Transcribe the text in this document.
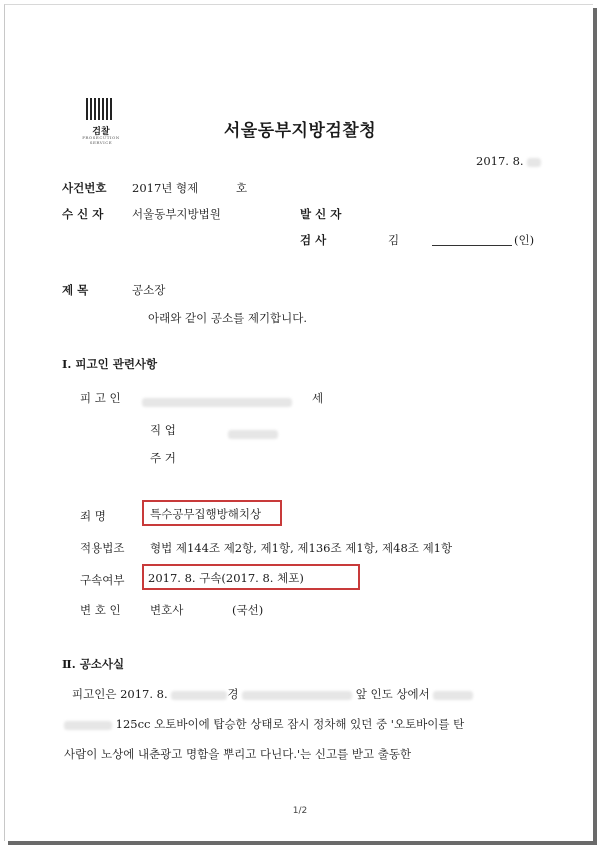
검찰
PROSECUTION SERVICE
서울동부지방검찰청
2017. 8.
사건번호 2017년 형제	호
수 신 자 서울동부지방법원	발 신 자
검 사	김	(인)
제 목	공소장
아래와 같이 공소를 제기합니다.
Ⅰ. 피고인 관련사항
피 고 인	세
직 업
주 거
죄 명	특수공무집행방해치상
적용법조 형법 제144조 제2항, 제1항, 제136조 제1항, 제48조 제1항
구속여부 2017. 8. 구속(2017. 8. 체포)
변 호 인	변호사	(국선)
Ⅱ. 공소사실
피고인은 2017. 8.	경	앞 인도 상에서
125cc 오토바이에 탑승한 상태로 잠시 정차해 있던 중 '오토바이를 탄
사람이 노상에 내춘광고 명함을 뿌리고 다닌다.'는 신고를 받고 출동한
1/2
